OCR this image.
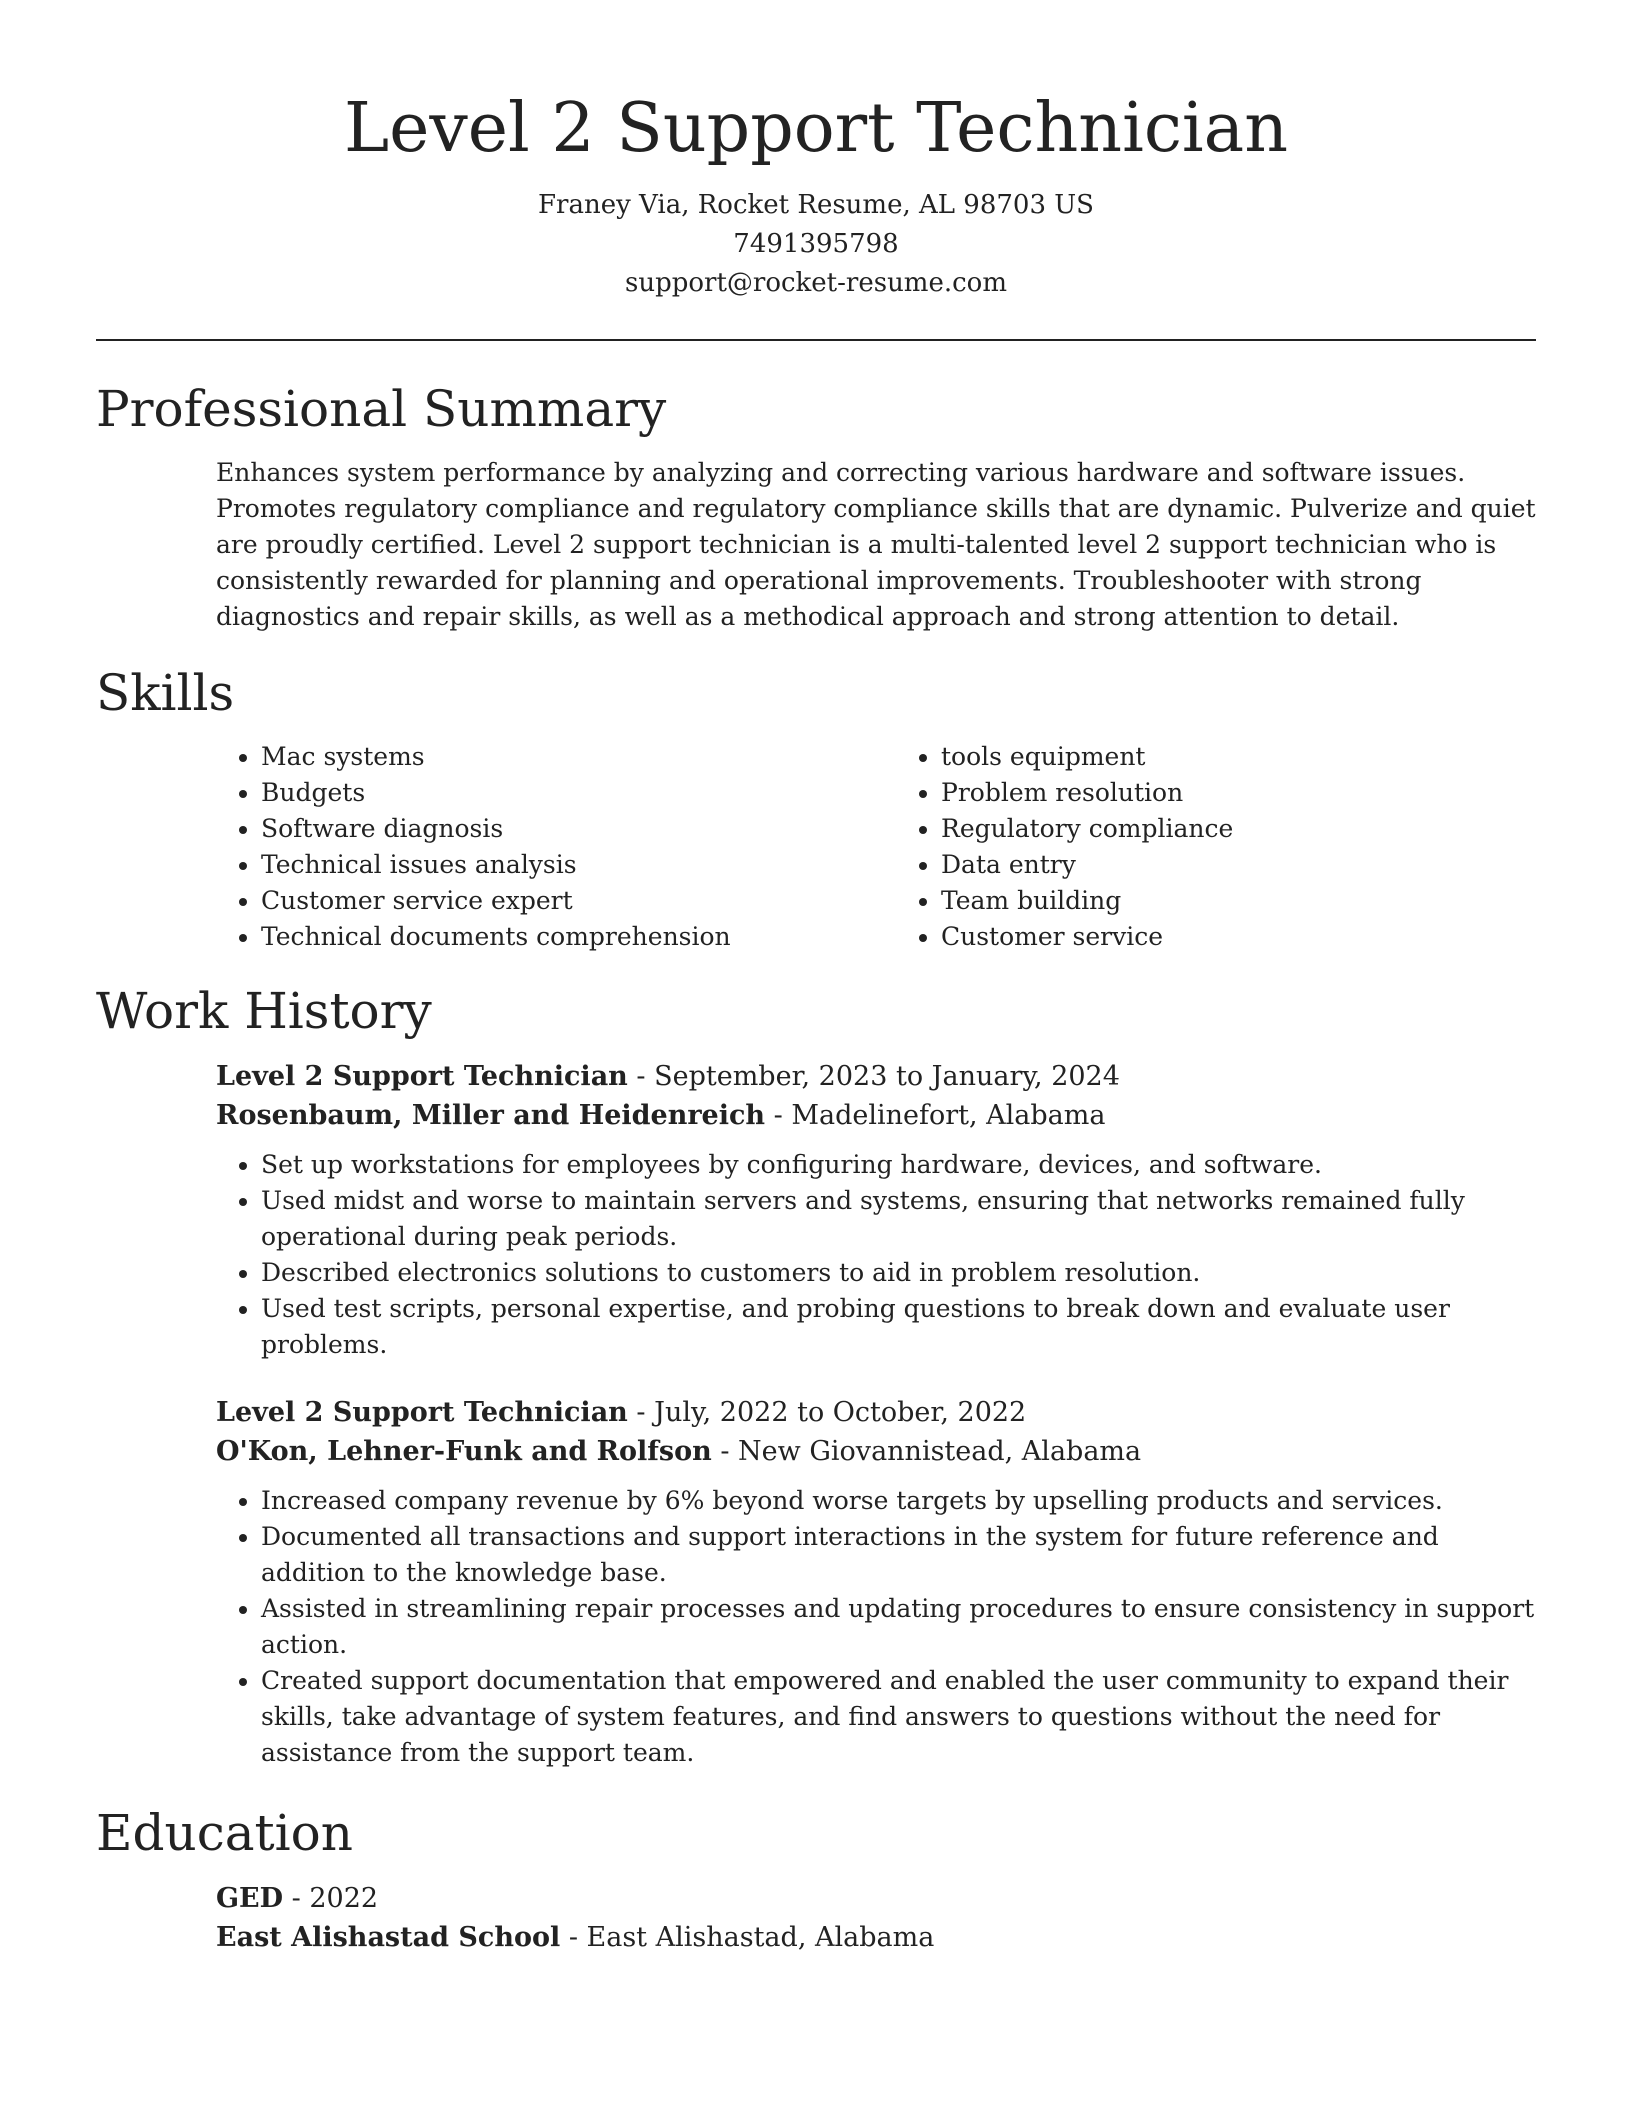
Level 2 Support Technician
Franey Via, Rocket Resume, AL 98703 US
7491395798
support@rocket-resume.com
Professional Summary

Enhances system performance by analyzing and correcting various hardware and software issues. Promotes regulatory compliance and regulatory compliance skills that are dynamic. Pulverize and quiet are proudly certified. Level 2 support technician is a multi-talented level 2 support technician who is consistently rewarded for planning and operational improvements. Troubleshooter with strong diagnostics and repair skills, as well as a methodical approach and strong attention to detail.

Skills
• Mac systems
• Budgets
• Software diagnosis
• Technical issues analysis
• Customer service expert
• Technical documents comprehension
• tools equipment
• Problem resolution
• Regulatory compliance
• Data entry
• Team building
• Customer service
Work History
Level 2 Support Technician - September, 2023 to January, 2024
Rosenbaum, Miller and Heidenreich - Madelinefort, Alabama
• Set up workstations for employees by configuring hardware, devices, and software.
• Used midst and worse to maintain servers and systems, ensuring that networks remained fully operational during peak periods.
• Described electronics solutions to customers to aid in problem resolution.
• Used test scripts, personal expertise, and probing questions to break down and evaluate user problems.
Level 2 Support Technician - July, 2022 to October, 2022
O'Kon, Lehner-Funk and Rolfson - New Giovannistead, Alabama
• Increased company revenue by 6% beyond worse targets by upselling products and services.
• Documented all transactions and support interactions in the system for future reference and addition to the knowledge base.
• Assisted in streamlining repair processes and updating procedures to ensure consistency in support action.
• Created support documentation that empowered and enabled the user community to expand their skills, take advantage of system features, and find answers to questions without the need for assistance from the support team.
Education
GED - 2022
East Alishastad School - East Alishastad, Alabama
